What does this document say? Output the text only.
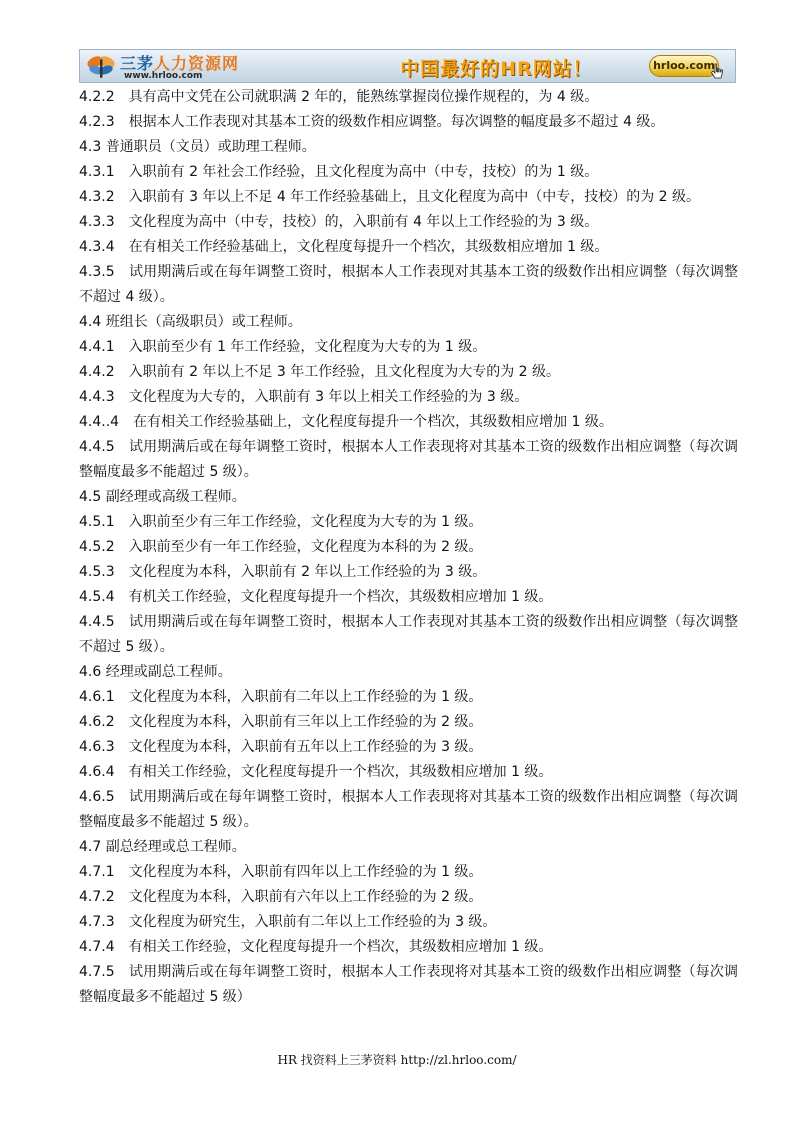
三茅人力资源网
www.hrloo.com	中国最好的HR网站！	hrloo.com
4.2.2　具有高中文凭在公司就职满 2 年的，能熟练掌握岗位操作规程的，为 4 级。
4.2.3　根据本人工作表现对其基本工资的级数作相应调整。每次调整的幅度最多不超过 4 级。
4.3 普通职员（文员）或助理工程师。
4.3.1　入职前有 2 年社会工作经验，且文化程度为高中（中专，技校）的为 1 级。
4.3.2　入职前有 3 年以上不足 4 年工作经验基础上，且文化程度为高中（中专，技校）的为 2 级。
4.3.3　文化程度为高中（中专，技校）的，入职前有 4 年以上工作经验的为 3 级。
4.3.4　在有相关工作经验基础上，文化程度每提升一个档次，其级数相应增加 1 级。
4.3.5　试用期满后或在每年调整工资时，根据本人工作表现对其基本工资的级数作出相应调整（每次调整不超过 4 级）。
4.4 班组长（高级职员）或工程师。
4.4.1　入职前至少有 1 年工作经验，文化程度为大专的为 1 级。
4.4.2　入职前有 2 年以上不足 3 年工作经验，且文化程度为大专的为 2 级。
4.4.3　文化程度为大专的，入职前有 3 年以上相关工作经验的为 3 级。
4.4..4　在有相关工作经验基础上，文化程度每提升一个档次，其级数相应增加 1 级。
4.4.5　试用期满后或在每年调整工资时，根据本人工作表现将对其基本工资的级数作出相应调整（每次调整幅度最多不能超过 5 级）。
4.5 副经理或高级工程师。
4.5.1　入职前至少有三年工作经验，文化程度为大专的为 1 级。
4.5.2　入职前至少有一年工作经验，文化程度为本科的为 2 级。
4.5.3　文化程度为本科，入职前有 2 年以上工作经验的为 3 级。
4.5.4　有机关工作经验，文化程度每提升一个档次，其级数相应增加 1 级。
4.4.5　试用期满后或在每年调整工资时，根据本人工作表现对其基本工资的级数作出相应调整（每次调整不超过 5 级）。
4.6 经理或副总工程师。
4.6.1　文化程度为本科，入职前有二年以上工作经验的为 1 级。
4.6.2　文化程度为本科，入职前有三年以上工作经验的为 2 级。
4.6.3　文化程度为本科，入职前有五年以上工作经验的为 3 级。
4.6.4　有相关工作经验，文化程度每提升一个档次，其级数相应增加 1 级。
4.6.5　试用期满后或在每年调整工资时，根据本人工作表现将对其基本工资的级数作出相应调整（每次调整幅度最多不能超过 5 级）。
4.7 副总经理或总工程师。
4.7.1　文化程度为本科，入职前有四年以上工作经验的为 1 级。
4.7.2　文化程度为本科，入职前有六年以上工作经验的为 2 级。
4.7.3　文化程度为研究生，入职前有二年以上工作经验的为 3 级。
4.7.4　有相关工作经验，文化程度每提升一个档次，其级数相应增加 1 级。
4.7.5　试用期满后或在每年调整工资时，根据本人工作表现将对其基本工资的级数作出相应调整（每次调整幅度最多不能超过 5 级）
HR 找资料上三茅资料 http://zl.hrloo.com/
